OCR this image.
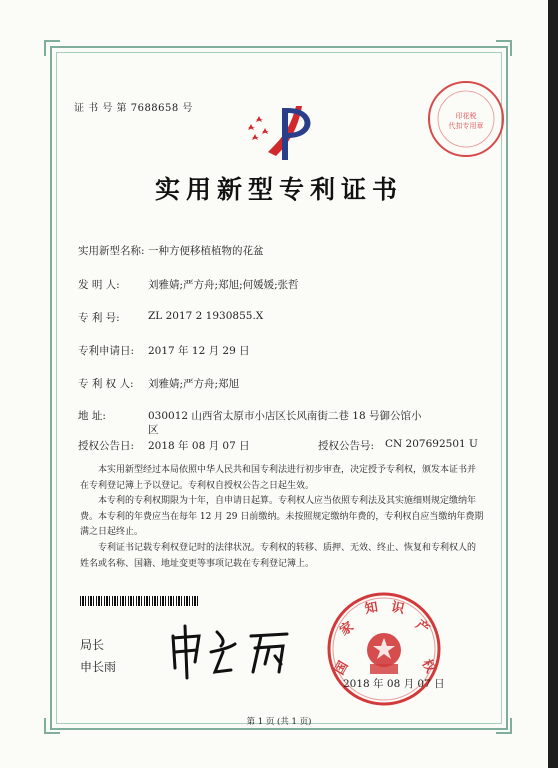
证 书 号 第 7688658 号
印花税
代扣专用章
实用新型专利证书
实用新型名称: 一种方便移植植物的花盆
发 明 人:	刘雅婧;严方舟;郑旭;何媛媛;张哲
专 利 号:	ZL 2017 2 1930855.X
专利申请日: 2017 年 12 月 29 日
专 利 权 人: 刘雅婧;严方舟;郑旭
地 址:	030012 山西省太原市小店区长风南街二巷 18 号御公馆小
区
授权公告日: 2018 年 08 月 07 日	授权公告号: CN 207692501 U
本实用新型经过本局依照中华人民共和国专利法进行初步审查，决定授予专利权，颁发本证书并在专利登记簿上予以登记。专利权自授权公告之日起生效。
本专利的专利权期限为十年，自申请日起算。专利权人应当依照专利法及其实施细则规定缴纳年费。本专利的年费应当在每年 12 月 29 日前缴纳。未按照规定缴纳年费的，专利权自应当缴纳年费期满之日起终止。
专利证书记载专利权登记时的法律状况。专利权的转移、质押、无效、终止、恢复和专利权人的姓名或名称、国籍、地址变更等事项记载在专利登记簿上。
局长
申长雨	国
家
知 识
产
权
2018 年 08 月 07 日
第 1 页 (共 1 页)
